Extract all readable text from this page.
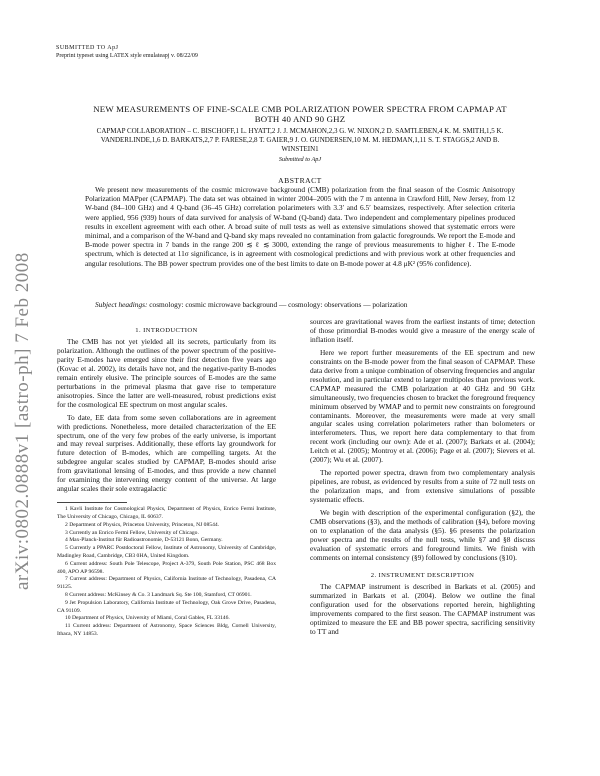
arXiv:0802.0888v1 [astro-ph] 7 Feb 2008
SUBMITTED TO ApJ
Preprint typeset using LATEX style emulateapj v. 08/22/09
NEW MEASUREMENTS OF FINE-SCALE CMB POLARIZATION POWER SPECTRA FROM CAPMAP AT BOTH 40 AND 90 GHZ
CAPMAP COLLABORATION – C. BISCHOFF,1 L. HYATT,2 J. J. MCMAHON,2,3 G. W. NIXON,2 D. SAMTLEBEN,4 K. M. SMITH,1,5 K. VANDERLINDE,1,6 D. BARKATS,2,7 P. FARESE,2,8 T. GAIER,9 J. O. GUNDERSEN,10 M. M. HEDMAN,1,11 S. T. STAGGS,2 AND B. WINSTEIN1
Submitted to ApJ
ABSTRACT
We present new measurements of the cosmic microwave background (CMB) polarization from the final season of the Cosmic Anisotropy Polarization MAPper (CAPMAP). The data set was obtained in winter 2004–2005 with the 7 m antenna in Crawford Hill, New Jersey, from 12 W-band (84–100 GHz) and 4 Q-band (36–45 GHz) correlation polarimeters with 3.3′ and 6.5′ beamsizes, respectively. After selection criteria were applied, 956 (939) hours of data survived for analysis of W-band (Q-band) data. Two independent and complementary pipelines produced results in excellent agreement with each other. A broad suite of null tests as well as extensive simulations showed that systematic errors were minimal, and a comparison of the W-band and Q-band sky maps revealed no contamination from galactic foregrounds. We report the E-mode and B-mode power spectra in 7 bands in the range 200 ≲ ℓ ≲ 3000, extending the range of previous measurements to higher ℓ. The E-mode spectrum, which is detected at 11σ significance, is in agreement with cosmological predictions and with previous work at other frequencies and angular resolutions. The BB power spectrum provides one of the best limits to date on B-mode power at 4.8 μK² (95% confidence).
Subject headings: cosmology: cosmic microwave background — cosmology: observations — polarization
1. INTRODUCTION

The CMB has not yet yielded all its secrets, particularly from its polarization. Although the outlines of the power spectrum of the positive-parity E-modes have emerged since their first detection five years ago (Kovac et al. 2002), its details have not, and the negative-parity B-modes remain entirely elusive. The principle sources of E-modes are the same perturbations in the primeval plasma that gave rise to temperature anisotropies. Since the latter are well-measured, robust predictions exist for the cosmological EE spectrum on most angular scales.

To date, EE data from some seven collaborations are in agreement with predictions. Nonetheless, more detailed characterization of the EE spectrum, one of the very few probes of the early universe, is important and may reveal surprises. Additionally, these efforts lay groundwork for future detection of B-modes, which are compelling targets. At the subdegree angular scales studied by CAPMAP, B-modes should arise from gravitational lensing of E-modes, and thus provide a new channel for examining the intervening energy content of the universe. At large angular scales their sole extragalactic

1 Kavli Institute for Cosmological Physics, Department of Physics, Enrico Fermi Institute, The University of Chicago, Chicago, IL 60637.

2 Department of Physics, Princeton University, Princeton, NJ 08544.

3 Currently an Enrico Fermi Fellow, University of Chicago.

4 Max-Planck-Institut für Radioastronomie, D-53121 Bonn, Germany.

5 Currently a PPARC Postdoctoral Fellow, Institute of Astronomy, University of Cambridge, Madingley Road, Cambridge, CB3 0HA, United Kingdom.

6 Current address: South Pole Telescope, Project A-379, South Pole Station, PSC 468 Box 400, APO AP 96598.

7 Current address: Department of Physics, California Institute of Technology, Pasadena, CA 91125.

8 Current address: McKinsey & Co. 3 Landmark Sq. Ste 100, Stamford, CT 06901.

9 Jet Propulsion Laboratory, California Institute of Technology, Oak Grove Drive, Pasadena, CA 91109.

10 Department of Physics, University of Miami, Coral Gables, FL 33146.

11 Current address: Department of Astronomy, Space Sciences Bldg, Cornell University, Ithaca, NY 14853.

sources are gravitational waves from the earliest instants of time; detection of those primordial B-modes would give a measure of the energy scale of inflation itself.

Here we report further measurements of the EE spectrum and new constraints on the B-mode power from the final season of CAPMAP. These data derive from a unique combination of observing frequencies and angular resolution, and in particular extend to larger multipoles than previous work. CAPMAP measured the CMB polarization at 40 GHz and 90 GHz simultaneously, two frequencies chosen to bracket the foreground frequency minimum observed by WMAP and to permit new constraints on foreground contaminants. Moreover, the measurements were made at very small angular scales using correlation polarimeters rather than bolometers or interferometers. Thus, we report here data complementary to that from recent work (including our own): Ade et al. (2007); Barkats et al. (2004); Leitch et al. (2005); Montroy et al. (2006); Page et al. (2007); Sievers et al. (2007); Wu et al. (2007).

The reported power spectra, drawn from two complementary analysis pipelines, are robust, as evidenced by results from a suite of 72 null tests on the polarization maps, and from extensive simulations of possible systematic effects.

We begin with description of the experimental configuration (§2), the CMB observations (§3), and the methods of calibration (§4), before moving on to explanation of the data analysis (§5). §6 presents the polarization power spectra and the results of the null tests, while §7 and §8 discuss evaluation of systematic errors and foreground limits. We finish with comments on internal consistency (§9) followed by conclusions (§10).

2. INSTRUMENT DESCRIPTION

The CAPMAP instrument is described in Barkats et al. (2005) and summarized in Barkats et al. (2004). Below we outline the final configuration used for the observations reported herein, highlighting improvements compared to the first season. The CAPMAP instrument was optimized to measure the EE and BB power spectra, sacrificing sensitivity to TT and
